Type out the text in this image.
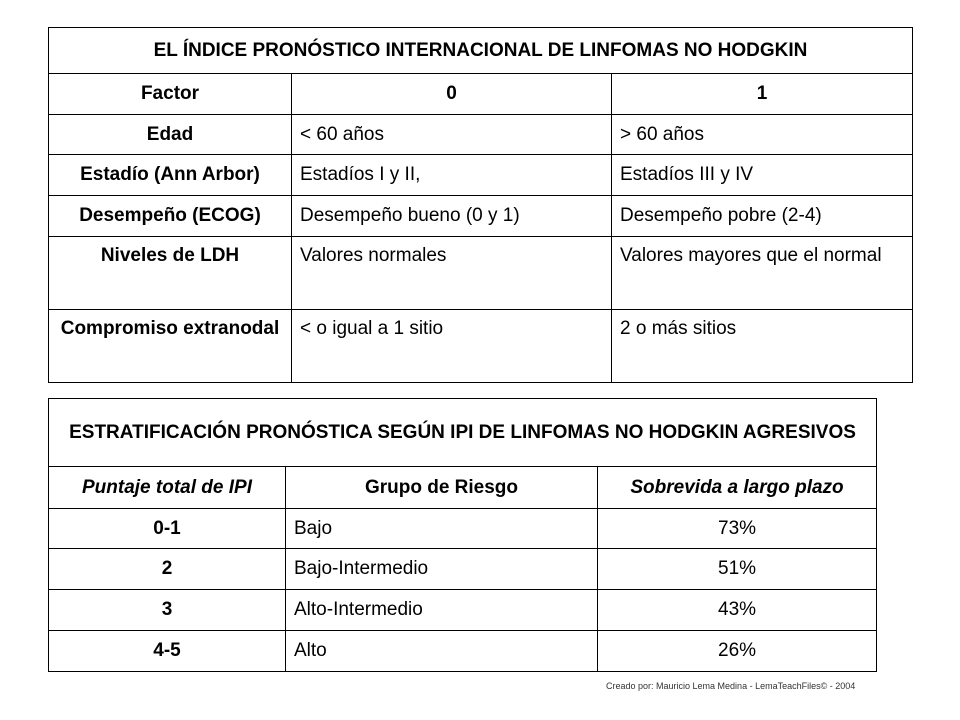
EL ÍNDICE PRONÓSTICO INTERNACIONAL DE LINFOMAS NO HODGKIN		
Factor	0	1
Edad	< 60 años	> 60 años
Estadío (Ann Arbor)	Estadíos I y II,	Estadíos III y IV
Desempeño (ECOG)	Desempeño bueno (0 y 1)	Desempeño pobre (2-4)
Niveles de LDH	Valores normales	Valores mayores que el normal
Compromiso extranodal	< o igual a 1 sitio	2 o más sitios
ESTRATIFICACIÓN PRONÓSTICA SEGÚN IPI DE LINFOMAS NO HODGKIN AGRESIVOS		
Puntaje total de IPI	Grupo de Riesgo	Sobrevida a largo plazo
0-1	Bajo	73%
2	Bajo-Intermedio	51%
3	Alto-Intermedio	43%
4-5	Alto	26%
Creado por: Mauricio Lema Medina - LemaTeachFiles© - 2004
